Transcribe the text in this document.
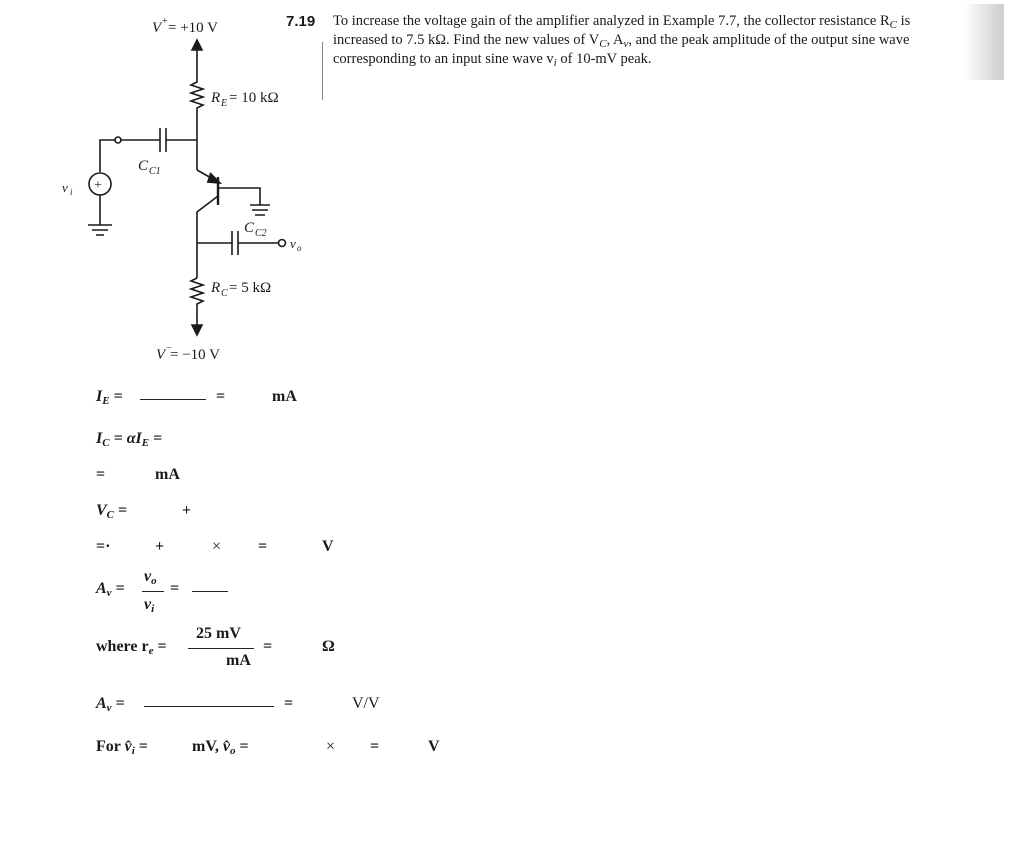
7.19 To increase the voltage gain of the amplifier analyzed in Example 7.7, the collector resistance $R_C$ is
increased to 7.5 kΩ. Find the new values of $V_C$, $A_v$, and the peak amplitude of the output sine wave
corresponding to an input sine wave $v_i$ of 10-mV peak.
+
v i
V + = +10 V
R E = 10 kΩ
C C1
C C2
v o
R C = 5 kΩ
V −
= −10 V
$I_E$ =	=	mA
$I_C = \alpha I_E$ =
=	mA
$V_C$ =	+
=·	+	× =	V
$A_v$ =
$v_o$
$v_i$
=
where $r_e$ =
25 mV
mA
=	Ω
$A_v$ =	=	V/V
For $v̂_i$ =	mV, $v̂_o$ =	× =	V
